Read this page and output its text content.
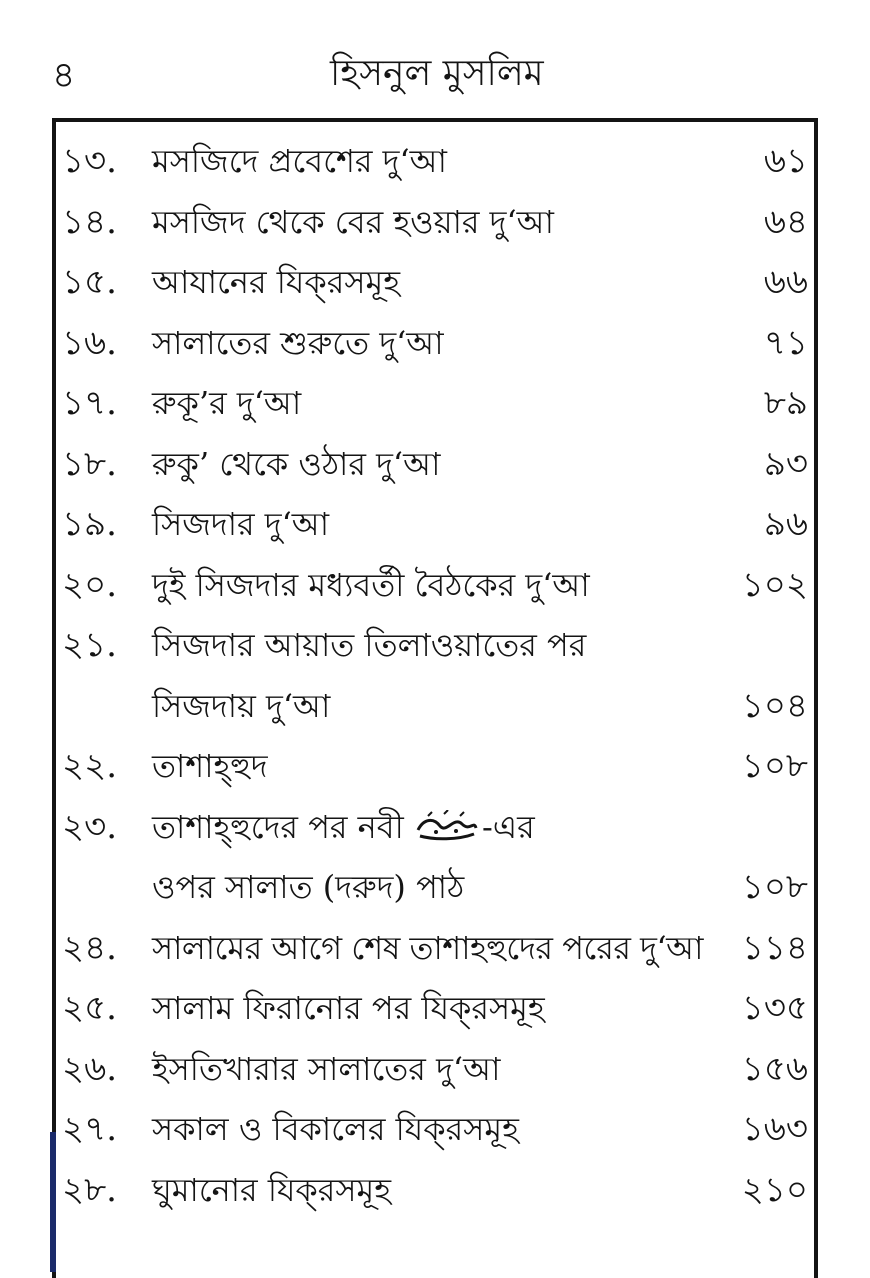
৪	হিসনুল মুসলিম
১৩.	মসজিদে প্রবেশের দু‘আ	৬১
১৪.	মসজিদ থেকে বের হওয়ার দু‘আ	৬৪
১৫.	আযানের যিক্‌রসমূহ	৬৬
১৬.	সালাতের শুরুতে দু‘আ	৭১
১৭.	রুকূ’র দু‘আ	৮৯
১৮.	রুকু’ থেকে ওঠার দু‘আ	৯৩
১৯.	সিজদার দু‘আ	৯৬
২০.	দুই সিজদার মধ্যবর্তী বৈঠকের দু‘আ	১০২
২১.	সিজদার আয়াত তিলাওয়াতের পর
সিজদায় দু‘আ	১০৪
২২.	তাশাহ্‌হুদ	১০৮
২৩.	তাশাহ্‌হুদের পর নবী -এর
ওপর সালাত (দরুদ) পাঠ	১০৮
২৪.	সালামের আগে শেষ তাশাহহুদের পরের দু‘আ	১১৪
২৫.	সালাম ফিরানোর পর যিক্‌রসমূহ	১৩৫
২৬.	ইসতিখারার সালাতের দু‘আ	১৫৬
২৭.	সকাল ও বিকালের যিক্‌রসমূহ	১৬৩
২৮.	ঘুমানোর যিক্‌রসমূহ	২১০
